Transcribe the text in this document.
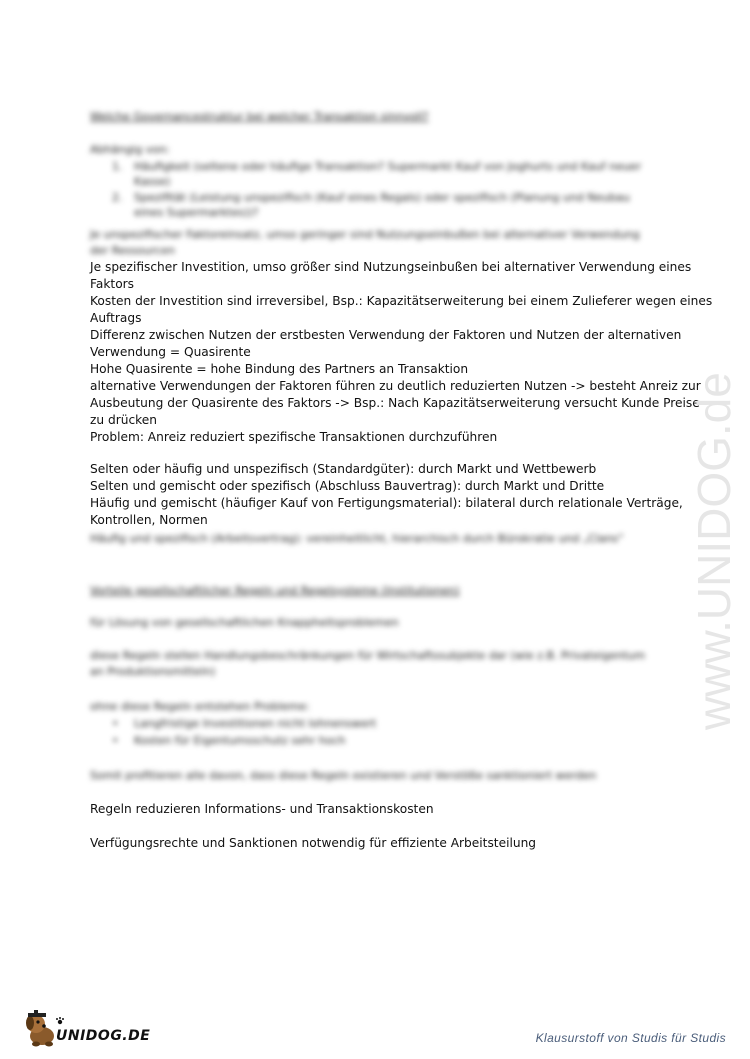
Welche Governancestruktur bei welcher Transaktion sinnvoll?
Abhängig von:
1. Häufigkeit (seltene oder häufige Transaktion? Supermarkt Kauf von Joghurts und Kauf neuer
Kasse)
2. Spezifität (Leistung unspezifisch (Kauf eines Regals) oder spezifisch (Planung und Neubau
eines Supermarktes))?
Je unspezifischer Faktoreinsatz, umso geringer sind Nutzungseinbußen bei alternativer Verwendung
der Ressourcen
Je spezifischer Investition, umso größer sind Nutzungseinbußen bei alternativer Verwendung eines
Faktors
Kosten der Investition sind irreversibel, Bsp.: Kapazitätserweiterung bei einem Zulieferer wegen eines
Auftrags
Differenz zwischen Nutzen der erstbesten Verwendung der Faktoren und Nutzen der alternativen
Verwendung = Quasirente
Hohe Quasirente = hohe Bindung des Partners an Transaktion
alternative Verwendungen der Faktoren führen zu deutlich reduzierten Nutzen -> besteht Anreiz zur
Ausbeutung der Quasirente des Faktors -> Bsp.: Nach Kapazitätserweiterung versucht Kunde Preise
zu drücken
Problem: Anreiz reduziert spezifische Transaktionen durchzuführen
Selten oder häufig und unspezifisch (Standardgüter): durch Markt und Wettbewerb
Selten und gemischt oder spezifisch (Abschluss Bauvertrag): durch Markt und Dritte
Häufig und gemischt (häufiger Kauf von Fertigungsmaterial): bilateral durch relationale Verträge,
Kontrollen, Normen
Häufig und spezifisch (Arbeitsvertrag): vereinheitlicht, hierarchisch durch Bürokratie und „Clans“
Vorteile gesellschaftlicher Regeln und Regelsysteme (Institutionen)
für Lösung von gesellschaftlichen Knappheitsproblemen
diese Regeln stellen Handlungsbeschränkungen für Wirtschaftssubjekte dar (wie z.B. Privateigentum
an Produktionsmitteln)
ohne diese Regeln entstehen Probleme:
• Langfristige Investitionen nicht lohnenswert
• Kosten für Eigentumsschutz sehr hoch
Somit profitieren alle davon, dass diese Regeln existieren und Verstöße sanktioniert werden
Regeln reduzieren Informations- und Transaktionskosten
Verfügungsrechte und Sanktionen notwendig für effiziente Arbeitsteilung
www.UNIDOG.de
UNIDOG.DE	Klausurstoff von Studis für Studis
